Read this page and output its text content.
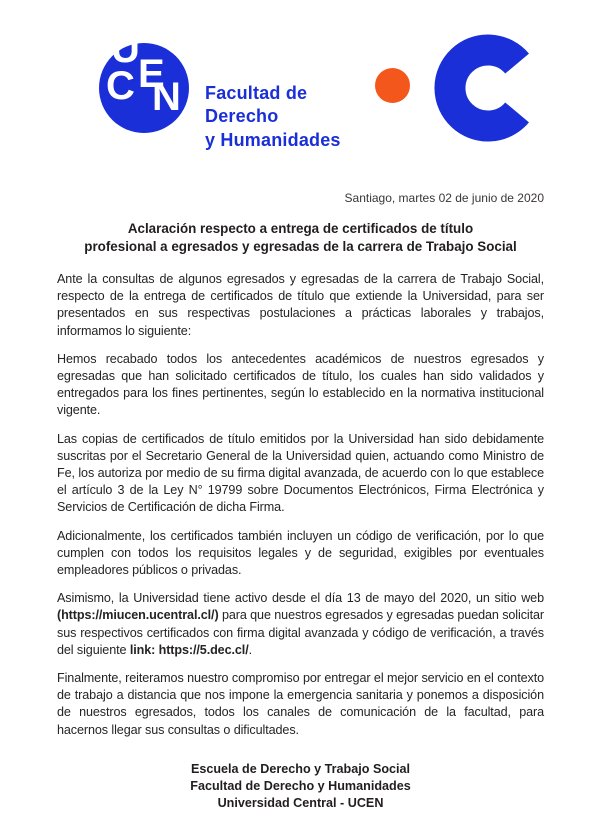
U
E
C N Facultad de
Derecho
y Humanidades
Santiago, martes 02 de junio de 2020
Aclaración respecto a entrega de certificados de título
profesional a egresados y egresadas de la carrera de Trabajo Social

Ante la consultas de algunos egresados y egresadas de la carrera de Trabajo Social, respecto de la entrega de certificados de título que extiende la Universidad, para ser presentados en sus respectivas postulaciones a prácticas laborales y trabajos, informamos lo siguiente:

Hemos recabado todos los antecedentes académicos de nuestros egresados y egresadas que han solicitado certificados de título, los cuales han sido validados y entregados para los fines pertinentes, según lo establecido en la normativa institucional vigente.

Las copias de certificados de título emitidos por la Universidad han sido debidamente suscritas por el Secretario General de la Universidad quien, actuando como Ministro de Fe, los autoriza por medio de su firma digital avanzada, de acuerdo con lo que establece el artículo 3 de la Ley N° 19799 sobre Documentos Electrónicos, Firma Electrónica y Servicios de Certificación de dicha Firma.

Adicionalmente, los certificados también incluyen un código de verificación, por lo que cumplen con todos los requisitos legales y de seguridad, exigibles por eventuales empleadores públicos o privadas.

Asimismo, la Universidad tiene activo desde el día 13 de mayo del 2020, un sitio web (https://miucen.ucentral.cl/) para que nuestros egresados y egresadas puedan solicitar sus respectivos certificados con firma digital avanzada y código de verificación, a través del siguiente link: https://5.dec.cl/.

Finalmente, reiteramos nuestro compromiso por entregar el mejor servicio en el contexto de trabajo a distancia que nos impone la emergencia sanitaria y ponemos a disposición de nuestros egresados, todos los canales de comunicación de la facultad, para hacernos llegar sus consultas o dificultades.

Escuela de Derecho y Trabajo Social
Facultad de Derecho y Humanidades
Universidad Central - UCEN
